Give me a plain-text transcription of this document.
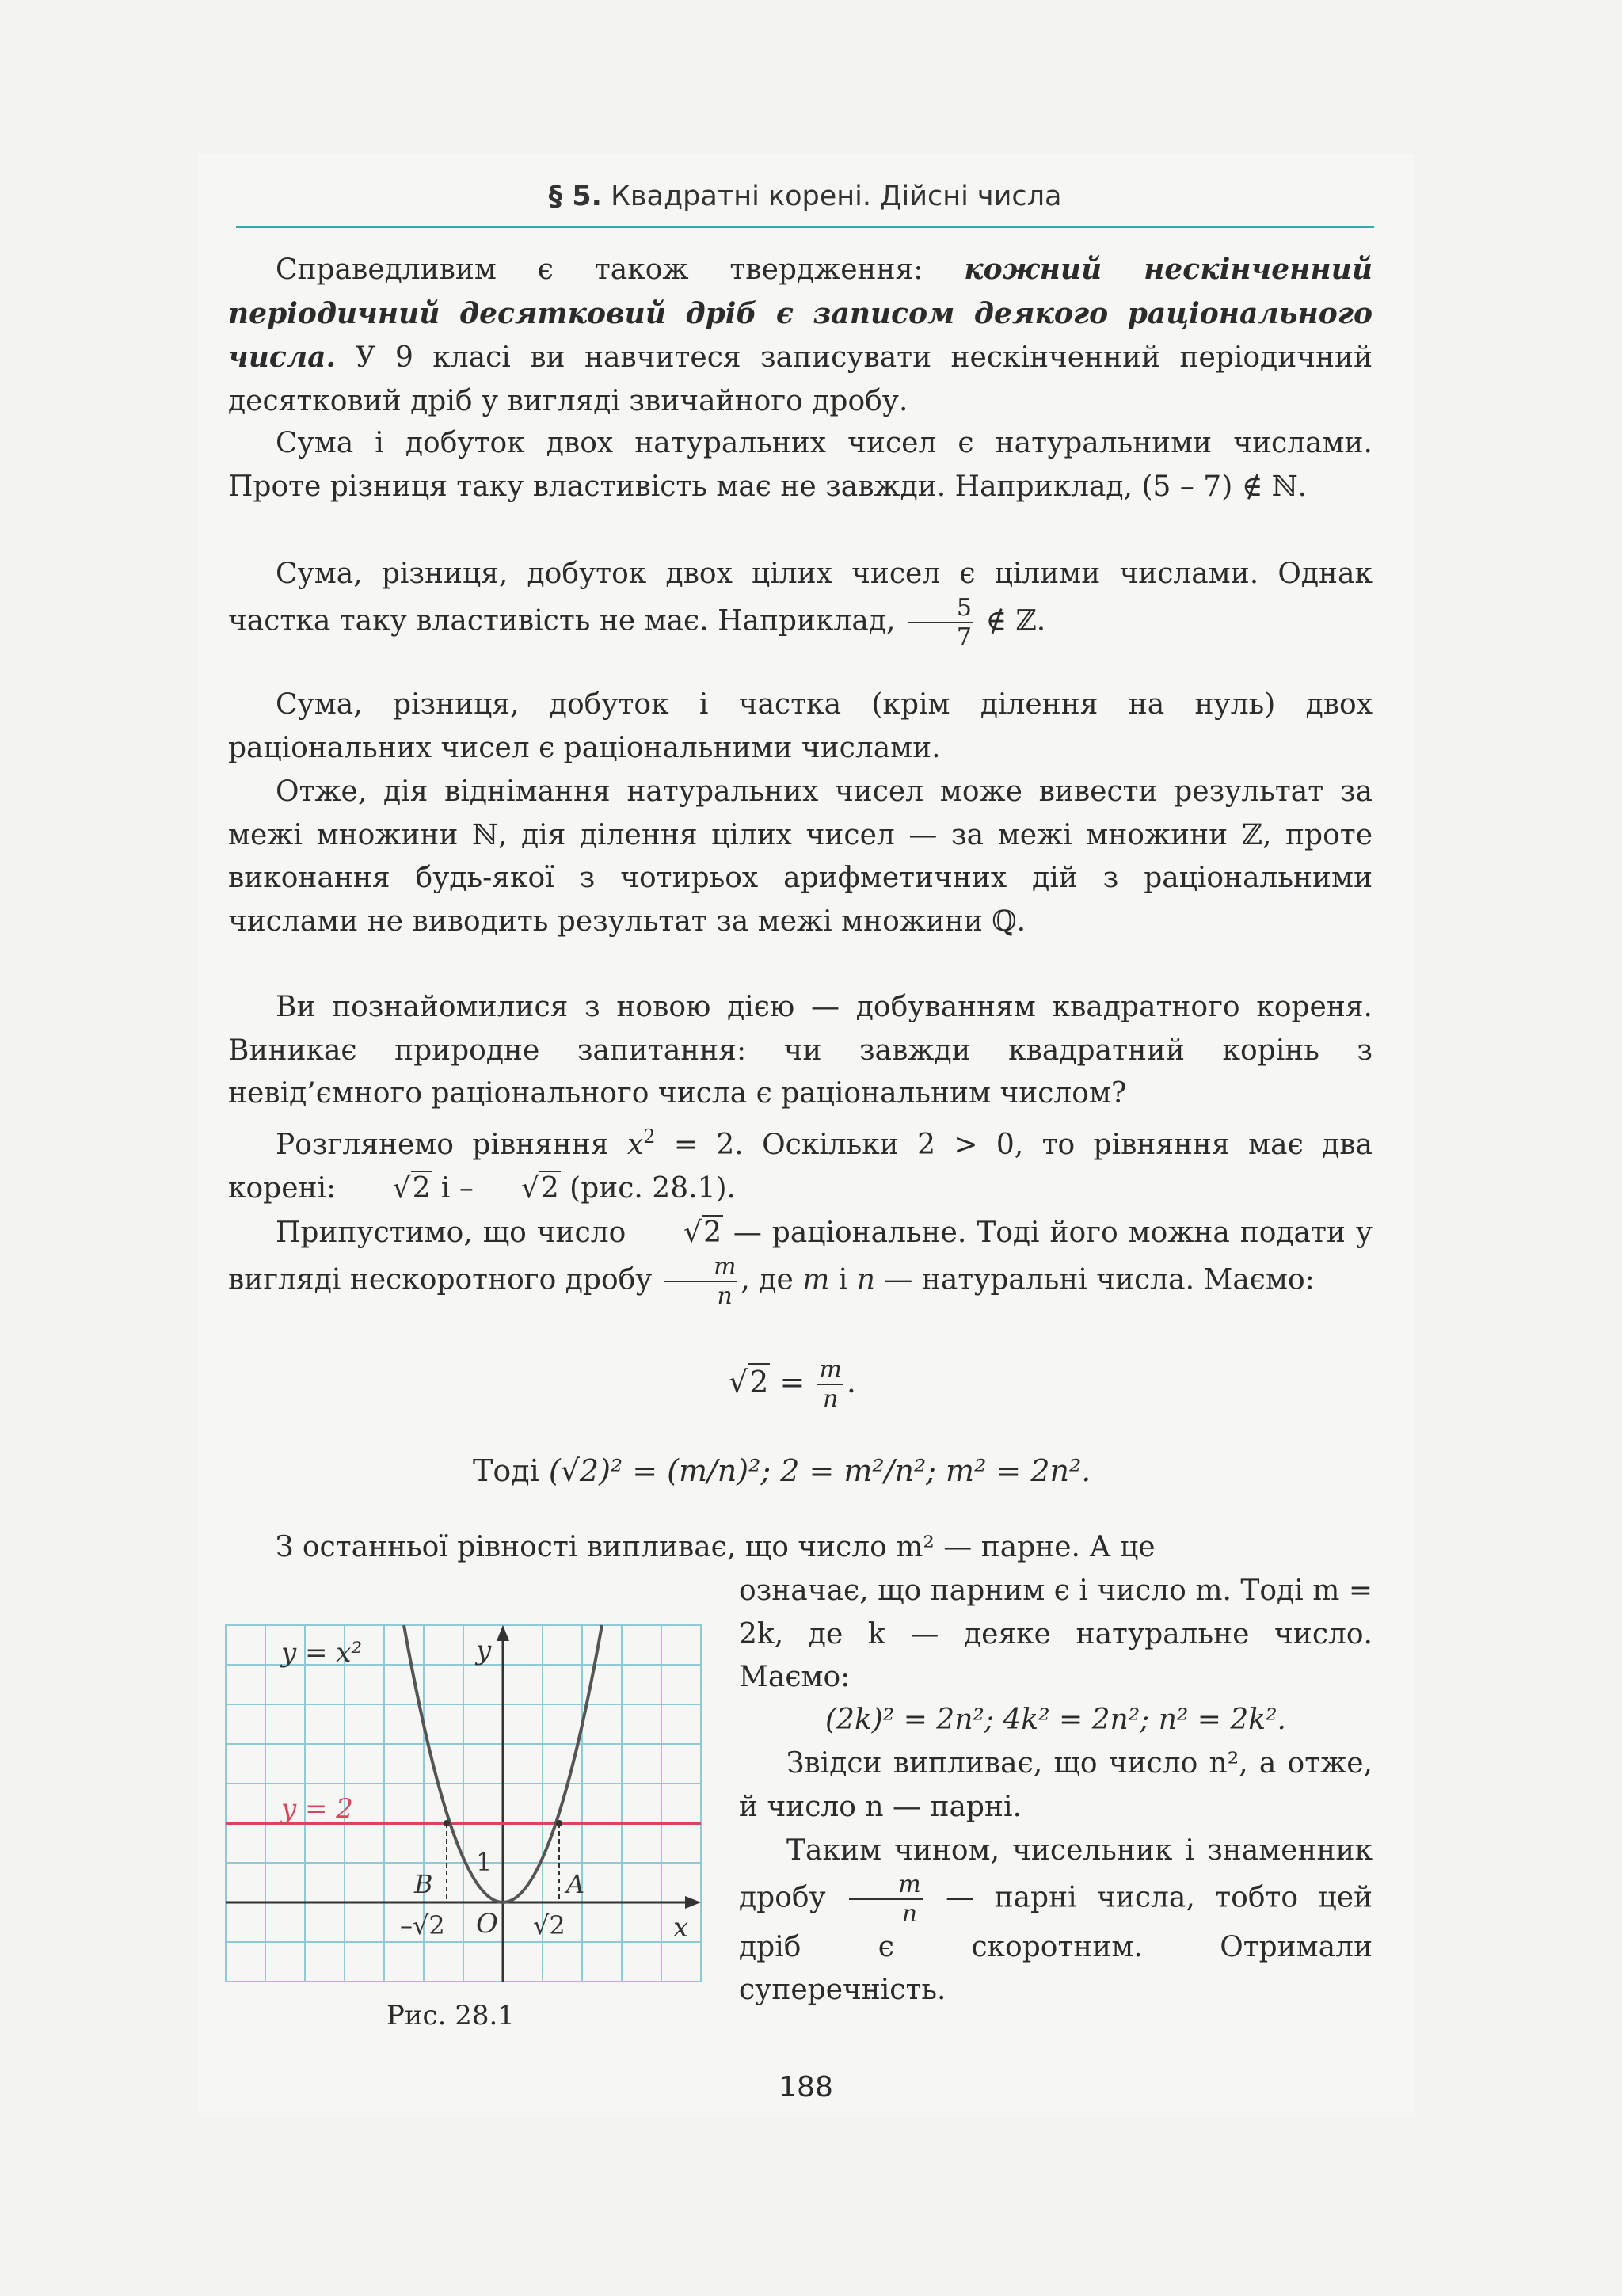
§ 5. Квадратні корені. Дійсні числа
Справедливим є також твердження: кожний нескінченний періодичний десятковий дріб є записом деякого раціонального числа. У 9 класі ви навчитеся записувати нескінченний періодичний десятковий дріб у вигляді звичайного дробу.
Сума і добуток двох натуральних чисел є натуральними числами. Проте різниця таку властивість має не завжди. Наприклад, (5 – 7) ∉ ℕ.
Сума, різниця, добуток двох цілих чисел є цілими числами. Однак частка таку властивість не має. Наприклад, $\frac{5}{7}$ ∉ ℤ.
Сума, різниця, добуток і частка (крім ділення на нуль) двох раціональних чисел є раціональними числами.
Отже, дія віднімання натуральних чисел може вивести результат за межі множини ℕ, дія ділення цілих чисел — за межі множини ℤ, проте виконання будь-якої з чотирьох арифметичних дій з раціональними числами не виводить результат за межі множини ℚ.
Ви познайомилися з новою дією — добуванням квадратного кореня. Виникає природне запитання: чи завжди квадратний корінь з невід’ємного раціонального числа є раціональним числом?
Розглянемо рівняння $x^2 = 2$. Оскільки 2 > 0, то рівняння має два корені: √2 і – √2 (рис. 28.1).
Припустимо, що число √2 — раціональне. Тоді його можна подати у вигляді нескоротного дробу $\frac{m}{n}$ , де m і n — натуральні числа. Маємо:
$√2 = \frac{m}{n}$ .
Тоді (√2)² = (m/n)²; 2 = m²/n²; m² = 2n².
З останньої рівності випливає, що число m² — парне. А це
означає, що парним є і число m. Тоді m = 2k, де k — деяке натуральне число. Маємо:
(2k)² = 2n²; 4k² = 2n²; n² = 2k².
Звідси випливає, що число n², а отже, й число n — парні.
Таким чином, чисельник і знаменник дробу $\frac{m}{n}$ — парні числа, тобто цей дріб є скоротним. Отримали суперечність.
y = x²
y = 2
y
x
O
1
A
B
–√2	√2
Рис. 28.1
188
